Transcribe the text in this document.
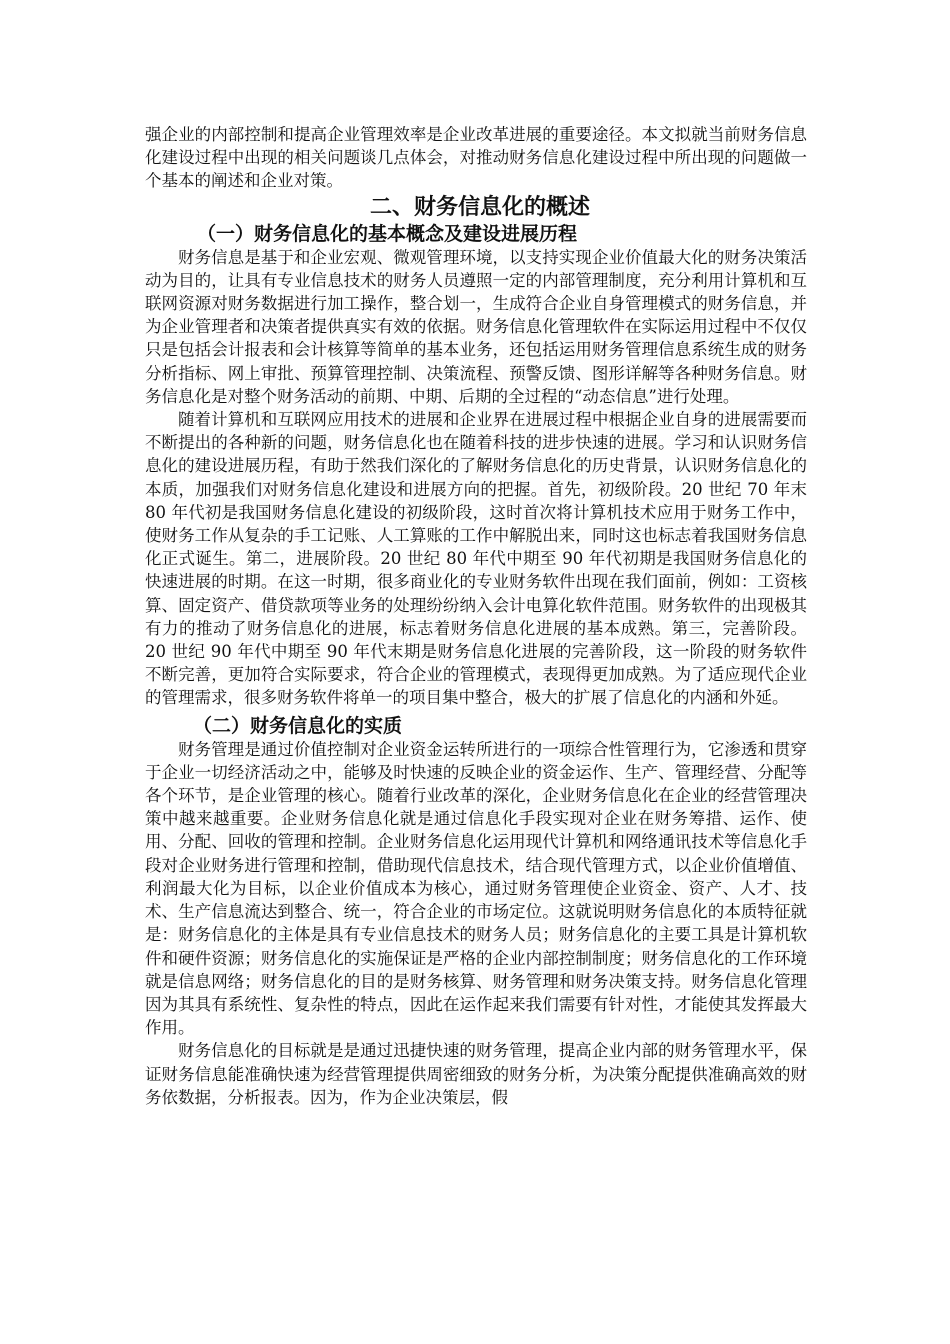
强企业的内部控制和提高企业管理效率是企业改革进展的重要途径。本文拟就当前财务信息化建设过程中出现的相关问题谈几点体会，对推动财务信息化建设过程中所出现的问题做一个基本的阐述和企业对策。

二、财务信息化的概述
（一）财务信息化的基本概念及建设进展历程

财务信息是基于和企业宏观、微观管理环境，以支持实现企业价值最大化的财务决策活动为目的，让具有专业信息技术的财务人员遵照一定的内部管理制度，充分利用计算机和互联网资源对财务数据进行加工操作，整合划一，生成符合企业自身管理模式的财务信息，并为企业管理者和决策者提供真实有效的依据。财务信息化管理软件在实际运用过程中不仅仅只是包括会计报表和会计核算等简单的基本业务，还包括运用财务管理信息系统生成的财务分析指标、网上审批、预算管理控制、决策流程、预警反馈、图形详解等各种财务信息。财务信息化是对整个财务活动的前期、中期、后期的全过程的“动态信息”进行处理。

随着计算机和互联网应用技术的进展和企业界在进展过程中根据企业自身的进展需要而不断提出的各种新的问题，财务信息化也在随着科技的进步快速的进展。学习和认识财务信息化的建设进展历程，有助于然我们深化的了解财务信息化的历史背景，认识财务信息化的本质，加强我们对财务信息化建设和进展方向的把握。首先，初级阶段。20 世纪 70 年末 80 年代初是我国财务信息化建设的初级阶段，这时首次将计算机技术应用于财务工作中，使财务工作从复杂的手工记账、人工算账的工作中解脱出来，同时这也标志着我国财务信息化正式诞生。第二，进展阶段。20 世纪 80 年代中期至 90 年代初期是我国财务信息化的快速进展的时期。在这一时期，很多商业化的专业财务软件出现在我们面前，例如：工资核算、固定资产、借贷款项等业务的处理纷纷纳入会计电算化软件范围。财务软件的出现极其有力的推动了财务信息化的进展，标志着财务信息化进展的基本成熟。第三，完善阶段。20 世纪 90 年代中期至 90 年代末期是财务信息化进展的完善阶段，这一阶段的财务软件不断完善，更加符合实际要求，符合企业的管理模式，表现得更加成熟。为了适应现代企业的管理需求，很多财务软件将单一的项目集中整合，极大的扩展了信息化的内涵和外延。

（二）财务信息化的实质

财务管理是通过价值控制对企业资金运转所进行的一项综合性管理行为，它渗透和贯穿于企业一切经济活动之中，能够及时快速的反映企业的资金运作、生产、管理经营、分配等各个环节，是企业管理的核心。随着行业改革的深化，企业财务信息化在企业的经营管理决策中越来越重要。企业财务信息化就是通过信息化手段实现对企业在财务筹措、运作、使用、分配、回收的管理和控制。企业财务信息化运用现代计算机和网络通讯技术等信息化手段对企业财务进行管理和控制，借助现代信息技术，结合现代管理方式，以企业价值增值、利润最大化为目标，以企业价值成本为核心，通过财务管理使企业资金、资产、人才、技术、生产信息流达到整合、统一，符合企业的市场定位。这就说明财务信息化的本质特征就是：财务信息化的主体是具有专业信息技术的财务人员；财务信息化的主要工具是计算机软件和硬件资源；财务信息化的实施保证是严格的企业内部控制制度；财务信息化的工作环境就是信息网络；财务信息化的目的是财务核算、财务管理和财务决策支持。财务信息化管理因为其具有系统性、复杂性的特点，因此在运作起来我们需要有针对性，才能使其发挥最大作用。

财务信息化的目标就是是通过迅捷快速的财务管理，提高企业内部的财务管理水平，保证财务信息能准确快速为经营管理提供周密细致的财务分析，为决策分配提供准确高效的财务依数据，分析报表。因为，作为企业决策层，假
